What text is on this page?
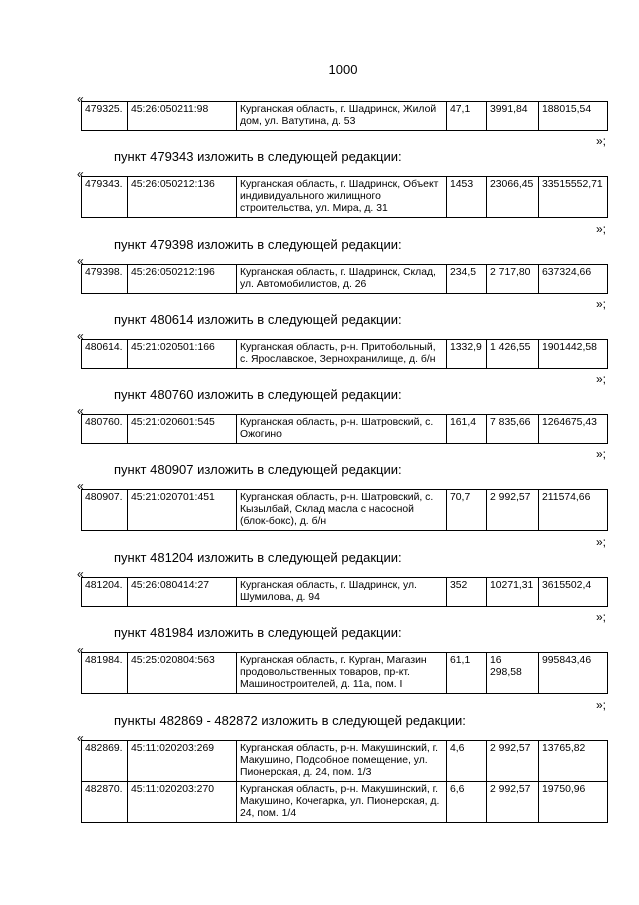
1000
«
479325.	45:26:050211:98	Курганская область, г. Шадринск, Жилой дом, ул. Ватутина, д. 53	47,1	3991,84	188015,54
»;
пункт 479343 изложить в следующей редакции:
«
479343.	45:26:050212:136	Курганская область, г. Шадринск, Объект индивидуального жилищного строительства, ул. Мира, д. 31	1453	23066,45	33515552,71
»;
пункт 479398 изложить в следующей редакции:
«
479398.	45:26:050212:196	Курганская область, г. Шадринск, Склад, ул. Автомобилистов, д. 26	234,5	2 717,80	637324,66
»;
пункт 480614 изложить в следующей редакции:
«
480614.	45:21:020501:166	Курганская область, р-н. Притобольный, с. Ярославское, Зернохранилище, д. б/н	1332,9	1 426,55	1901442,58
»;
пункт 480760 изложить в следующей редакции:
«
480760.	45:21:020601:545	Курганская область, р-н. Шатровский, с. Ожогино	161,4	7 835,66	1264675,43
»;
пункт 480907 изложить в следующей редакции:
«
480907.	45:21:020701:451	Курганская область, р-н. Шатровский, с. Кызылбай, Склад масла с насосной (блок-бокс), д. б/н	70,7	2 992,57	211574,66
»;
пункт 481204 изложить в следующей редакции:
«
481204.	45:26:080414:27	Курганская область, г. Шадринск, ул. Шумилова, д. 94	352	10271,31	3615502,4
»;
пункт 481984 изложить в следующей редакции:
«
481984.	45:25:020804:563	Курганская область, г. Курган, Магазин продовольственных товаров, пр-кт. Машиностроителей, д. 11а, пом. I	61,1	16 298,58	995843,46
»;
пункты 482869 - 482872 изложить в следующей редакции:
«
482869.	45:11:020203:269	Курганская область, р-н. Макушинский, г. Макушино, Подсобное помещение, ул. Пионерская, д. 24, пом. 1/3	4,6	2 992,57	13765,82
482870.	45:11:020203:270	Курганская область, р-н. Макушинский, г. Макушино, Кочегарка, ул. Пионерская, д. 24, пом. 1/4	6,6	2 992,57	19750,96
